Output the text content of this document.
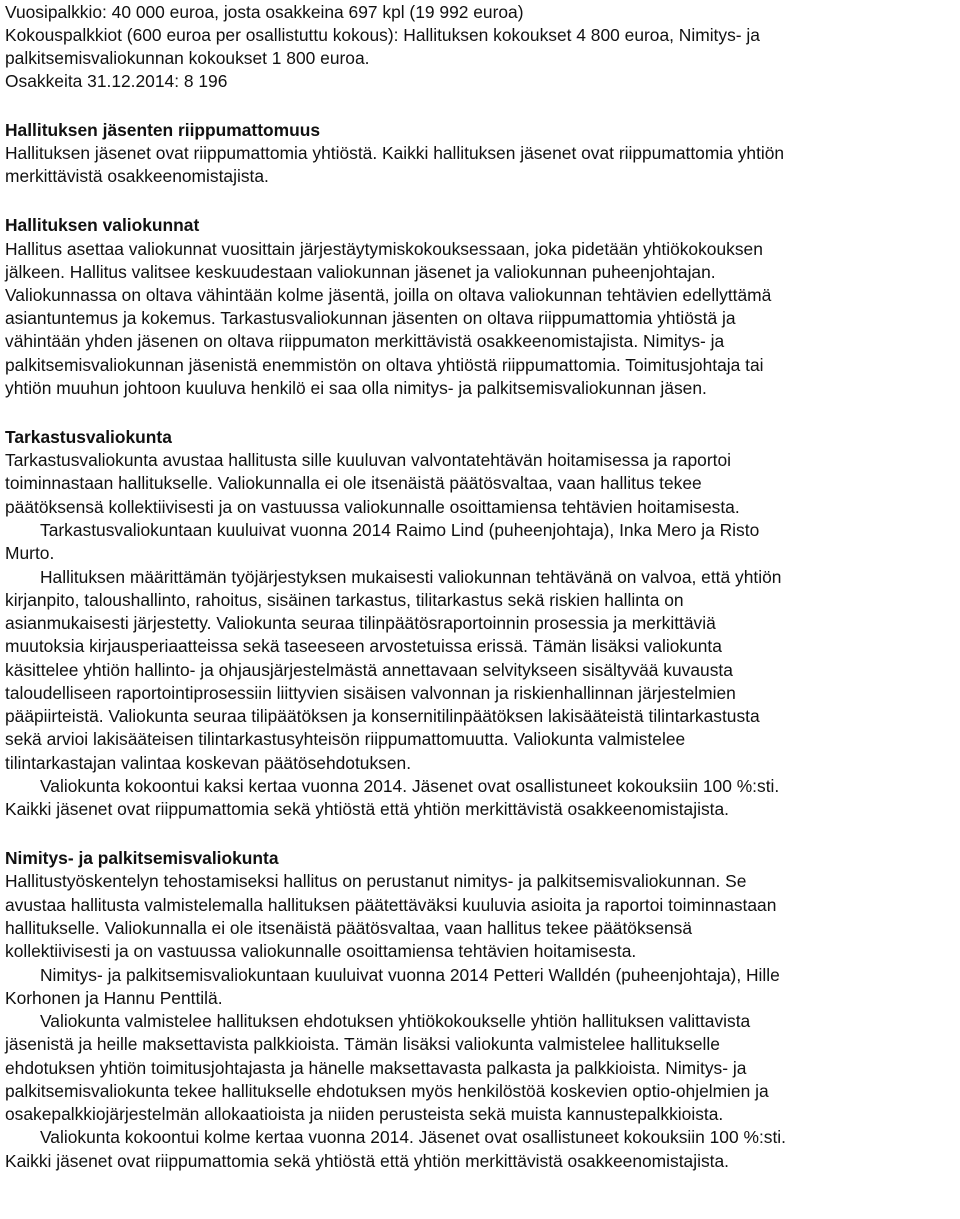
Vuosipalkkio: 40 000 euroa, josta osakkeina 697 kpl (19 992 euroa)
Kokouspalkkiot (600 euroa per osallistuttu kokous): Hallituksen kokoukset 4 800 euroa, Nimitys- ja
palkitsemisvaliokunnan kokoukset 1 800 euroa.
Osakkeita 31.12.2014: 8 196
Hallituksen jäsenten riippumattomuus
Hallituksen jäsenet ovat riippumattomia yhtiöstä. Kaikki hallituksen jäsenet ovat riippumattomia yhtiön
merkittävistä osakkeenomistajista.
Hallituksen valiokunnat
Hallitus asettaa valiokunnat vuosittain järjestäytymiskokouksessaan, joka pidetään yhtiökokouksen
jälkeen. Hallitus valitsee keskuudestaan valiokunnan jäsenet ja valiokunnan puheenjohtajan.
Valiokunnassa on oltava vähintään kolme jäsentä, joilla on oltava valiokunnan tehtävien edellyttämä
asiantuntemus ja kokemus. Tarkastusvaliokunnan jäsenten on oltava riippumattomia yhtiöstä ja
vähintään yhden jäsenen on oltava riippumaton merkittävistä osakkeenomistajista. Nimitys- ja
palkitsemisvaliokunnan jäsenistä enemmistön on oltava yhtiöstä riippumattomia. Toimitusjohtaja tai
yhtiön muuhun johtoon kuuluva henkilö ei saa olla nimitys- ja palkitsemisvaliokunnan jäsen.
Tarkastusvaliokunta
Tarkastusvaliokunta avustaa hallitusta sille kuuluvan valvontatehtävän hoitamisessa ja raportoi
toiminnastaan hallitukselle. Valiokunnalla ei ole itsenäistä päätösvaltaa, vaan hallitus tekee
päätöksensä kollektiivisesti ja on vastuussa valiokunnalle osoittamiensa tehtävien hoitamisesta.
Tarkastusvaliokuntaan kuuluivat vuonna 2014 Raimo Lind (puheenjohtaja), Inka Mero ja Risto
Murto.
Hallituksen määrittämän työjärjestyksen mukaisesti valiokunnan tehtävänä on valvoa, että yhtiön
kirjanpito, taloushallinto, rahoitus, sisäinen tarkastus, tilitarkastus sekä riskien hallinta on
asianmukaisesti järjestetty. Valiokunta seuraa tilinpäätösraportoinnin prosessia ja merkittäviä
muutoksia kirjausperiaatteissa sekä taseeseen arvostetuissa erissä. Tämän lisäksi valiokunta
käsittelee yhtiön hallinto- ja ohjausjärjestelmästä annettavaan selvitykseen sisältyvää kuvausta
taloudelliseen raportointiprosessiin liittyvien sisäisen valvonnan ja riskienhallinnan järjestelmien
pääpiirteistä. Valiokunta seuraa tilipäätöksen ja konsernitilinpäätöksen lakisääteistä tilintarkastusta
sekä arvioi lakisääteisen tilintarkastusyhteisön riippumattomuutta. Valiokunta valmistelee
tilintarkastajan valintaa koskevan päätösehdotuksen.
Valiokunta kokoontui kaksi kertaa vuonna 2014. Jäsenet ovat osallistuneet kokouksiin 100 %:sti.
Kaikki jäsenet ovat riippumattomia sekä yhtiöstä että yhtiön merkittävistä osakkeenomistajista.
Nimitys- ja palkitsemisvaliokunta
Hallitustyöskentelyn tehostamiseksi hallitus on perustanut nimitys- ja palkitsemisvaliokunnan. Se
avustaa hallitusta valmistelemalla hallituksen päätettäväksi kuuluvia asioita ja raportoi toiminnastaan
hallitukselle. Valiokunnalla ei ole itsenäistä päätösvaltaa, vaan hallitus tekee päätöksensä
kollektiivisesti ja on vastuussa valiokunnalle osoittamiensa tehtävien hoitamisesta.
Nimitys- ja palkitsemisvaliokuntaan kuuluivat vuonna 2014 Petteri Walldén (puheenjohtaja), Hille
Korhonen ja Hannu Penttilä.
Valiokunta valmistelee hallituksen ehdotuksen yhtiökokoukselle yhtiön hallituksen valittavista
jäsenistä ja heille maksettavista palkkioista. Tämän lisäksi valiokunta valmistelee hallitukselle
ehdotuksen yhtiön toimitusjohtajasta ja hänelle maksettavasta palkasta ja palkkioista. Nimitys- ja
palkitsemisvaliokunta tekee hallitukselle ehdotuksen myös henkilöstöä koskevien optio-ohjelmien ja
osakepalkkiojärjestelmän allokaatioista ja niiden perusteista sekä muista kannustepalkkioista.
Valiokunta kokoontui kolme kertaa vuonna 2014. Jäsenet ovat osallistuneet kokouksiin 100 %:sti.
Kaikki jäsenet ovat riippumattomia sekä yhtiöstä että yhtiön merkittävistä osakkeenomistajista.
